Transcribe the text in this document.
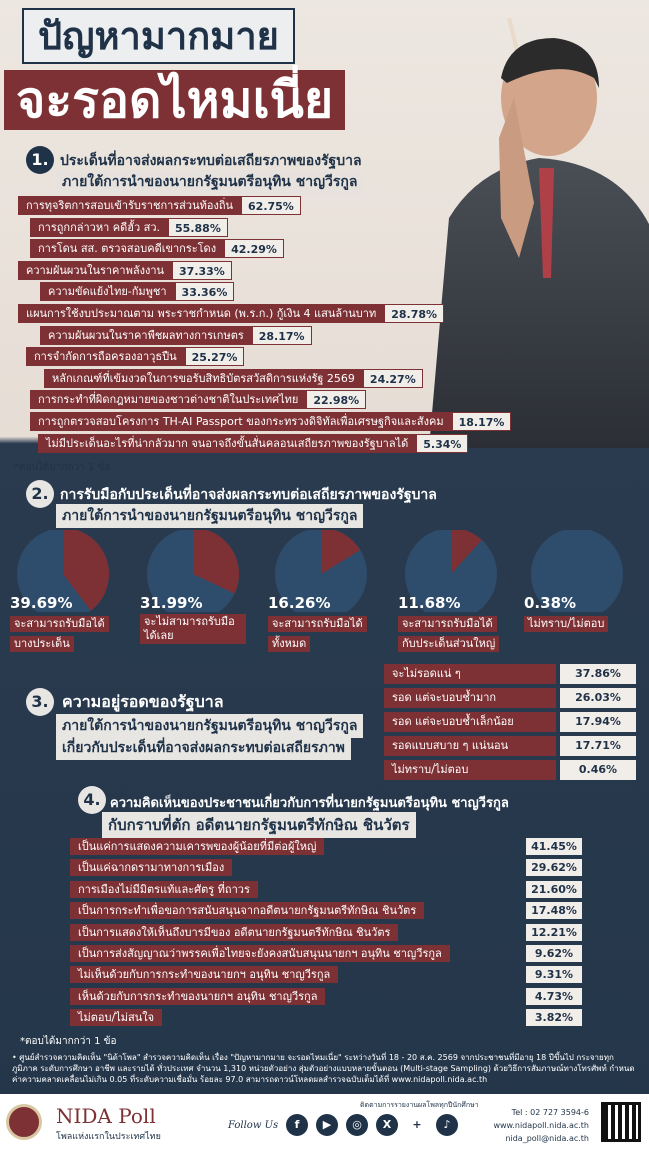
ปัญหามากมาย
จะรอดไหมเนี่ย
1. ประเด็นที่อาจส่งผลกระทบต่อเสถียรภาพของรัฐบาล
ภายใต้การนำของนายกรัฐมนตรีอนุทิน ชาญวีรกูล
การทุจริตการสอบเข้ารับราชการส่วนท้องถิ่น	62.75%
การถูกกล่าวหา คดีฮั้ว สว.	55.88%
การโดน สส. ตรวจสอบคดีเขากระโดง	42.29%
ความผันผวนในราคาพลังงาน	37.33%
ความขัดแย้งไทย-กัมพูชา	33.36%
แผนการใช้งบประมาณตาม พระราชกำหนด (พ.ร.ก.) กู้เงิน 4 แสนล้านบาท	28.78%
ความผันผวนในราคาพืชผลทางการเกษตร	28.17%
การจำกัดการถือครองอาวุธปืน	25.27%
หลักเกณฑ์ที่เข้มงวดในการขอรับสิทธิบัตรสวัสดิการแห่งรัฐ 2569	24.27%
การกระทำที่ผิดกฎหมายของชาวต่างชาติในประเทศไทย	22.98%
การถูกตรวจสอบโครงการ TH-AI Passport ของกระทรวงดิจิทัลเพื่อเศรษฐกิจและสังคม	18.17%
ไม่มีประเด็นอะไรที่น่ากลัวมาก จนอาจถึงขั้นสั่นคลอนเสถียรภาพของรัฐบาลได้	5.34%
*ตอบได้มากกว่า 1 ข้อ
2. การรับมือกับประเด็นที่อาจส่งผลกระทบต่อเสถียรภาพของรัฐบาล
ภายใต้การนำของนายกรัฐมนตรีอนุทิน ชาญวีรกูล
39.69%
จะสามารถรับมือได้
บางประเด็น
31.99%
จะไม่สามารถรับมือได้เลย
16.26%
จะสามารถรับมือได้
ทั้งหมด
11.68%
จะสามารถรับมือได้
กับประเด็นส่วนใหญ่
0.38%
ไม่ทราบ/ไม่ตอบ
3. ความอยู่รอดของรัฐบาล
ภายใต้การนำของนายกรัฐมนตรีอนุทิน ชาญวีรกูล
เกี่ยวกับประเด็นที่อาจส่งผลกระทบต่อเสถียรภาพ
จะไม่รอดแน่ ๆ	37.86%
รอด แต่จะบอบช้ำมาก	26.03%
รอด แต่จะบอบช้ำเล็กน้อย	17.94%
รอดแบบสบาย ๆ แน่นอน	17.71%
ไม่ทราบ/ไม่ตอบ	0.46%
4. ความคิดเห็นของประชาชนเกี่ยวกับการที่นายกรัฐมนตรีอนุทิน ชาญวีรกูล
กับกราบที่ตัก อดีตนายกรัฐมนตรีทักษิณ ชินวัตร
เป็นแค่การแสดงความเคารพของผู้น้อยที่มีต่อผู้ใหญ่	41.45%
เป็นแค่ฉากดรามาทางการเมือง	29.62%
การเมืองไม่มีมิตรแท้และศัตรู ที่ถาวร	21.60%
เป็นการกระทำเพื่อขอการสนับสนุนจากอดีตนายกรัฐมนตรีทักษิณ ชินวัตร	17.48%
เป็นการแสดงให้เห็นถึงบารมีของ อดีตนายกรัฐมนตรีทักษิณ ชินวัตร	12.21%
เป็นการส่งสัญญาณว่าพรรคเพื่อไทยจะยังคงสนับสนุนนายกฯ อนุทิน ชาญวีรกูล	9.62%
ไม่เห็นด้วยกับการกระทำของนายกฯ อนุทิน ชาญวีรกูล	9.31%
เห็นด้วยกับการกระทำของนายกฯ อนุทิน ชาญวีรกูล	4.73%
ไม่ตอบ/ไม่สนใจ	3.82%
*ตอบได้มากกว่า 1 ข้อ
• ศูนย์สำรวจความคิดเห็น "นิด้าโพล" สำรวจความคิดเห็น เรื่อง "ปัญหามากมาย จะรอดไหมเนี่ย" ระหว่างวันที่ 18 - 20 ส.ค. 2569 จากประชาชนที่มีอายุ 18 ปีขึ้นไป กระจายทุกภูมิภาค ระดับการศึกษา อาชีพ และรายได้ ทั่วประเทศ จำนวน 1,310 หน่วยตัวอย่าง สุ่มตัวอย่างแบบหลายขั้นตอน (Multi-stage Sampling) ด้วยวิธีการสัมภาษณ์ทางโทรศัพท์ กำหนดค่าความคลาดเคลื่อนไม่เกิน 0.05 ที่ระดับความเชื่อมั่น ร้อยละ 97.0 สามารถดาวน์โหลดผลสำรวจฉบับเต็มได้ที่ www.nidapoll.nida.ac.th
NIDA Poll
โพลแห่งแรกในประเทศไทย
ติดตามการรายงานผลโพลทุกปีนักศึกษา
Follow Us	f	▶	◎	X	+	♪
Tel : 02 727 3594-6
www.nidapoll.nida.ac.th
nida_poll@nida.ac.th
